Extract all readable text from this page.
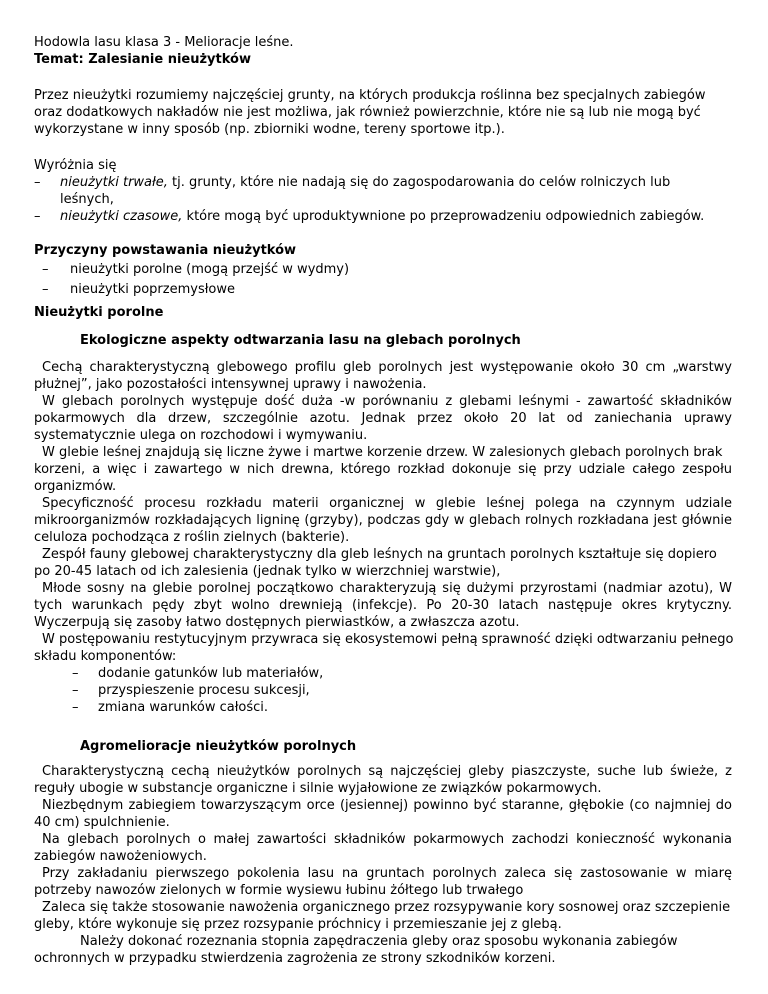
Hodowla lasu klasa 3 - Melioracje leśne.
Temat: Zalesianie nieużytków
Przez nieużytki rozumiemy najczęściej grunty, na których produkcja roślinna bez specjalnych zabiegów
oraz dodatkowych nakładów nie jest możliwa, jak również powierzchnie, które nie są lub nie mogą być
wykorzystane w inny sposób (np. zbiorniki wodne, tereny sportowe itp.).
Wyróżnia się
– nieużytki trwałe, tj. grunty, które nie nadają się do zagospodarowania do celów rolniczych lub
leśnych,
– nieużytki czasowe, które mogą być uproduktywnione po przeprowadzeniu odpowiednich zabiegów.
Przyczyny powstawania nieużytków
– nieużytki porolne (mogą przejść w wydmy)
– nieużytki poprzemysłowe
Nieużytki porolne
Ekologiczne aspekty odtwarzania lasu na glebach porolnych
Cechą charakterystyczną glebowego profilu gleb porolnych jest występowanie około 30 cm „warstwy
płużnej”, jako pozostałości intensywnej uprawy i nawożenia.
W glebach porolnych występuje dość duża -w porównaniu z glebami leśnymi - zawartość składników
pokarmowych dla drzew, szczególnie azotu. Jednak przez około 20 lat od zaniechania uprawy
systematycznie ulega on rozchodowi i wymywaniu.
W glebie leśnej znajdują się liczne żywe i martwe korzenie drzew. W zalesionych glebach porolnych brak
korzeni, a więc i zawartego w nich drewna, którego rozkład dokonuje się przy udziale całego zespołu
organizmów.
Specyficzność procesu rozkładu materii organicznej w glebie leśnej polega na czynnym udziale
mikroorganizmów rozkładających ligninę (grzyby), podczas gdy w glebach rolnych rozkładana jest głównie
celuloza pochodząca z roślin zielnych (bakterie).
Zespół fauny glebowej charakterystyczny dla gleb leśnych na gruntach porolnych kształtuje się dopiero
po 20-45 latach od ich zalesienia (jednak tylko w wierzchniej warstwie),
Młode sosny na glebie porolnej początkowo charakteryzują się dużymi przyrostami (nadmiar azotu), W
tych warunkach pędy zbyt wolno drewnieją (infekcje). Po 20-30 latach następuje okres krytyczny.
Wyczerpują się zasoby łatwo dostępnych pierwiastków, a zwłaszcza azotu.
W postępowaniu restytucyjnym przywraca się ekosystemowi pełną sprawność dzięki odtwarzaniu pełnego
składu komponentów:
– dodanie gatunków lub materiałów,
– przyspieszenie procesu sukcesji,
– zmiana warunków całości.
Agromelioracje nieużytków porolnych
Charakterystyczną cechą nieużytków porolnych są najczęściej gleby piaszczyste, suche lub świeże, z
reguły ubogie w substancje organiczne i silnie wyjałowione ze związków pokarmowych.
Niezbędnym zabiegiem towarzyszącym orce (jesiennej) powinno być staranne, głębokie (co najmniej do
40 cm) spulchnienie.
Na glebach porolnych o małej zawartości składników pokarmowych zachodzi konieczność wykonania
zabiegów nawożeniowych.
Przy zakładaniu pierwszego pokolenia lasu na gruntach porolnych zaleca się zastosowanie w miarę
potrzeby nawozów zielonych w formie wysiewu łubinu żółtego lub trwałego
Zaleca się także stosowanie nawożenia organicznego przez rozsypywanie kory sosnowej oraz szczepienie
gleby, które wykonuje się przez rozsypanie próchnicy i przemieszanie jej z glebą.
Należy dokonać rozeznania stopnia zapędraczenia gleby oraz sposobu wykonania zabiegów
ochronnych w przypadku stwierdzenia zagrożenia ze strony szkodników korzeni.
